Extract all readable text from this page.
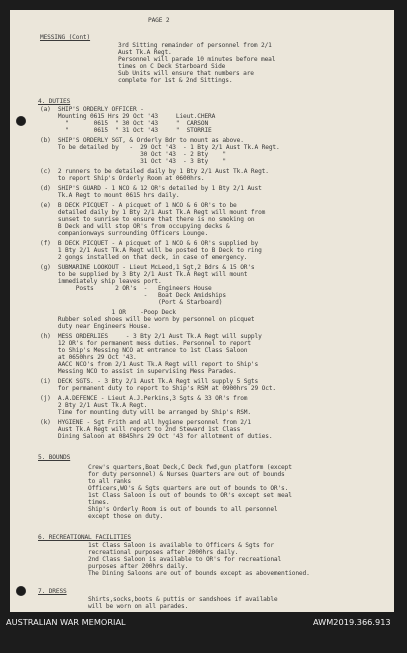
PAGE 2
MESSING (Cont)
3rd Sitting remainder of personnel from 2/1
Aust Tk.A Regt.
Personnel will parade 10 minutes before meal
times on C Deck Starboard Side
Sub Units will ensure that numbers are
complete for 1st & 2nd Sittings.
4. DUTIES
(a)  SHIP'S ORDERLY OFFICER -
Mounting 0615 Hrs 29 Oct '43     Lieut.CHERA
"       0615  " 30 Oct '43     "  CARSON
"       0615  " 31 Oct '43     "  STORRIE
(b)  SHIP'S ORDERLY SGT, & Orderly Bdr to mount as above.
To be detailed by   -  29 Oct '43  - 1 Bty 2/1 Aust Tk.A Regt.
30 Oct '43  - 2 Bty    "
31 Oct '43  - 3 Bty    "
(c)  2 runners to be detailed daily by 1 Bty 2/1 Aust Tk.A Regt.
to report Ship's Orderly Room at 0600hrs.
(d)  SHIP'S GUARD - 1 NCO & 12 OR's detailed by 1 Bty 2/1 Aust
Tk.A Regt to mount 0615 hrs daily.
(e)  B DECK PICQUET - A picquet of 1 NCO & 6 OR's to be
detailed daily by 1 Bty 2/1 Aust Tk.A Regt will mount from
sunset to sunrise to ensure that there is no smoking on
B Deck and will stop OR's from occupying decks &
companionways surrounding Officers Lounge.
(f)  B DECK PICQUET - A picquet of 1 NCO & 6 OR's supplied by
1 Bty 2/1 Aust Tk.A Regt will be posted to B Deck to ring
2 gongs installed on that deck, in case of emergency.
(g)  SUBMARINE LOOKOUT - Lieut McLeod,1 Sgt,2 Bdrs & 15 OR's
to be supplied by 3 Bty 2/1 Aust Tk.A Regt will mount
immediately ship leaves port.
Posts      2 OR's  -   Engineers House
-   Boat Deck Amidships
(Port & Starboard)
1 OR    -Poop Deck
Rubber soled shoes will be worn by personnel on picquet
duty near Engineers House.
(h)  MESS ORDERLIES     - 3 Bty 2/1 Aust Tk.A Regt will supply
12 OR's for permanent mess duties. Personnel to report
to Ship's Messing NCO at entrance to 1st Class Saloon
at 0650hrs 29 Oct '43.
AACC NCO's from 2/1 Aust Tk.A Regt will report to Ship's
Messing NCO to assist in supervising Mess Parades.
(i)  DECK SGTS. - 3 Bty 2/1 Aust Tk.A Regt will supply 5 Sgts
for permanent duty to report to Ship's RSM at 0900hrs 29 Oct.
(j)  A.A.DEFENCE - Lieut A.J.Perkins,3 Sgts & 33 OR's from
2 Bty 2/1 Aust Tk.A Regt.
Time for mounting duty will be arranged by Ship's RSM.
(k)  HYGIENE - Sgt Frith and all hygiene personnel from 2/1
Aust Tk.A Regt will report to 2nd Steward 1st Class
Dining Saloon at 0845hrs 29 Oct '43 for allotment of duties.
5. BOUNDS
Crew's quarters,Boat Deck,C Deck fwd,gun platform (except
for duty personnel) & Nurses Quarters are out of bounds
to all ranks
Officers,WO's & Sgts quarters are out of bounds to OR's.
1st Class Saloon is out of bounds to OR's except set meal
times.
Ship's Orderly Room is out of bounds to all personnel
except those on duty.
6. RECREATIONAL FACILITIES
1st Class Saloon is available to Officers & Sgts for
recreational purposes after 2000hrs daily.
2nd Class Saloon is available to OR's for recreational
purposes after 200hrs daily.
The Dining Saloons are out of bounds except as abovementioned.
7. DRESS
Shirts,socks,boots & puttis or sandshoes if available
will be worn on all parades.
AUSTRALIAN WAR MEMORIAL	AWM2019.366.913
